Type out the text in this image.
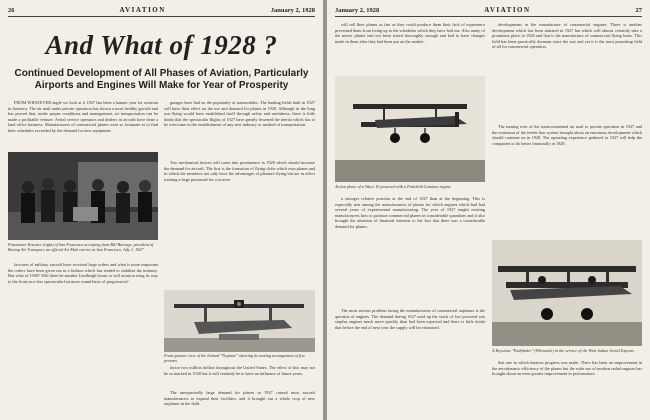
26	AVIATION	January 2, 1928
And What of 1928 ?
Continued Development of All Phases of Aviation, Particularly
Airports and Engines Will Make for Year of Prosperity

FROM WHATEVER angle we look at it 1927 has been a banner year for aviation in America. The air mail under private operation has shown a most healthy growth and has proved that, under proper conditions and management, air transportation can be made a profitable venture. Aerial service operators and dealers in aircraft have done a land office business. Manufacturers of commercial planes were so fortunate as to find their schedules exceeded by the demand for new equipment.

Postmaster Rossiter (right) of San Francisco accepting from Bill Burrage, president of Boeing Air Transport, an official Air Mail carrier at San Francisco, July 1, 1927

factories of military aircraft have received large orders and what is more important the orders have been given out in a fashion which has tended to stabilize the industry. But what of 1928? Will there be another Lindbergh boom or will aviation wing its way to the front on a less spectacular but more sound basis of progression?

garages have had on the popularity of automobiles. The landing fields built in 1927 will have their effect on the use and demand for planes in 1928. Although in the long run flying would have established itself through safety and usefulness, there is little doubt that the spectacular flights of 1927 have greatly lessened the inertia which has to be overcome in the establishment of any new industry or method of transportation.

Two mechanical factors will come into prominence in 1928 which should increase the demand for aircraft. The first is the formation of flying clubs which own planes and in which the members not only have the advantages of pleasure flying but are in effect training a large personnel for a reserve.

Front quarter view of the Ireland "Neptune" showing its seating arrangement of five persons

factor two million dollars throughout the United States. The effect of this may not be so marked in 1928 but it will certainly be to have an influence of future years.

The unexpectedly large demand for planes in 1927 caused most aircraft manufacturers to expand their facilities, and it brought out a whole crop of new airplanes in the field.

January 2, 1928	AVIATION	27

will sell their planes as fast as they could produce them their lack of experience prevented them from living up to the schedules which they have laid out. Also many of the newer planes had not been tested thoroughly enough and had to have changes made in them after they had been put on the market.

Action photo of a Waco 10 powered with a Fairchild Caminez engine

a stronger relative position at the end of 1927 than at the beginning. This is especially true among the manufacturers of planes for which engines which had had several years of experimental manufacturing. The year of 1927 taught existing manufacturers how to produce commercial planes in considerable quantities and it also brought the attention of financial interests to the fact that there was a considerable demand for planes.

The most serious problem facing the manufacturers of commercial airplanes is the question of engines. The demand during 1927 used up the stock of low powered war surplus engines much more quickly than had been expected and there is little doubt that before the end of next year the supply will be exhausted.

developments in the manufacture of commercial engines. There is another development which has been initiated in 1927 but which will almost certainly take a prominent place in 1928 and that is the manufacture of commercial flying boats. This field has been practically dormant since the war and yet it is the most promising field of all for commercial operation.

The turning over of the transcontinental air mail to private operation in 1927 and the extension of the feeder line system brought about an enormous development which should continue on in 1928. The operating experience gathered in 1927 will help the companies to do better financially in 1928.

A Keystone "Pathfinder" (Whiteside) in the service of the West Indian Aerial Express

that one in which theatres progress was made. There has been an improvement in the aerodynamic efficiency of the planes but the wide use of modern radial engines has brought about an even greater improvement in performance.
